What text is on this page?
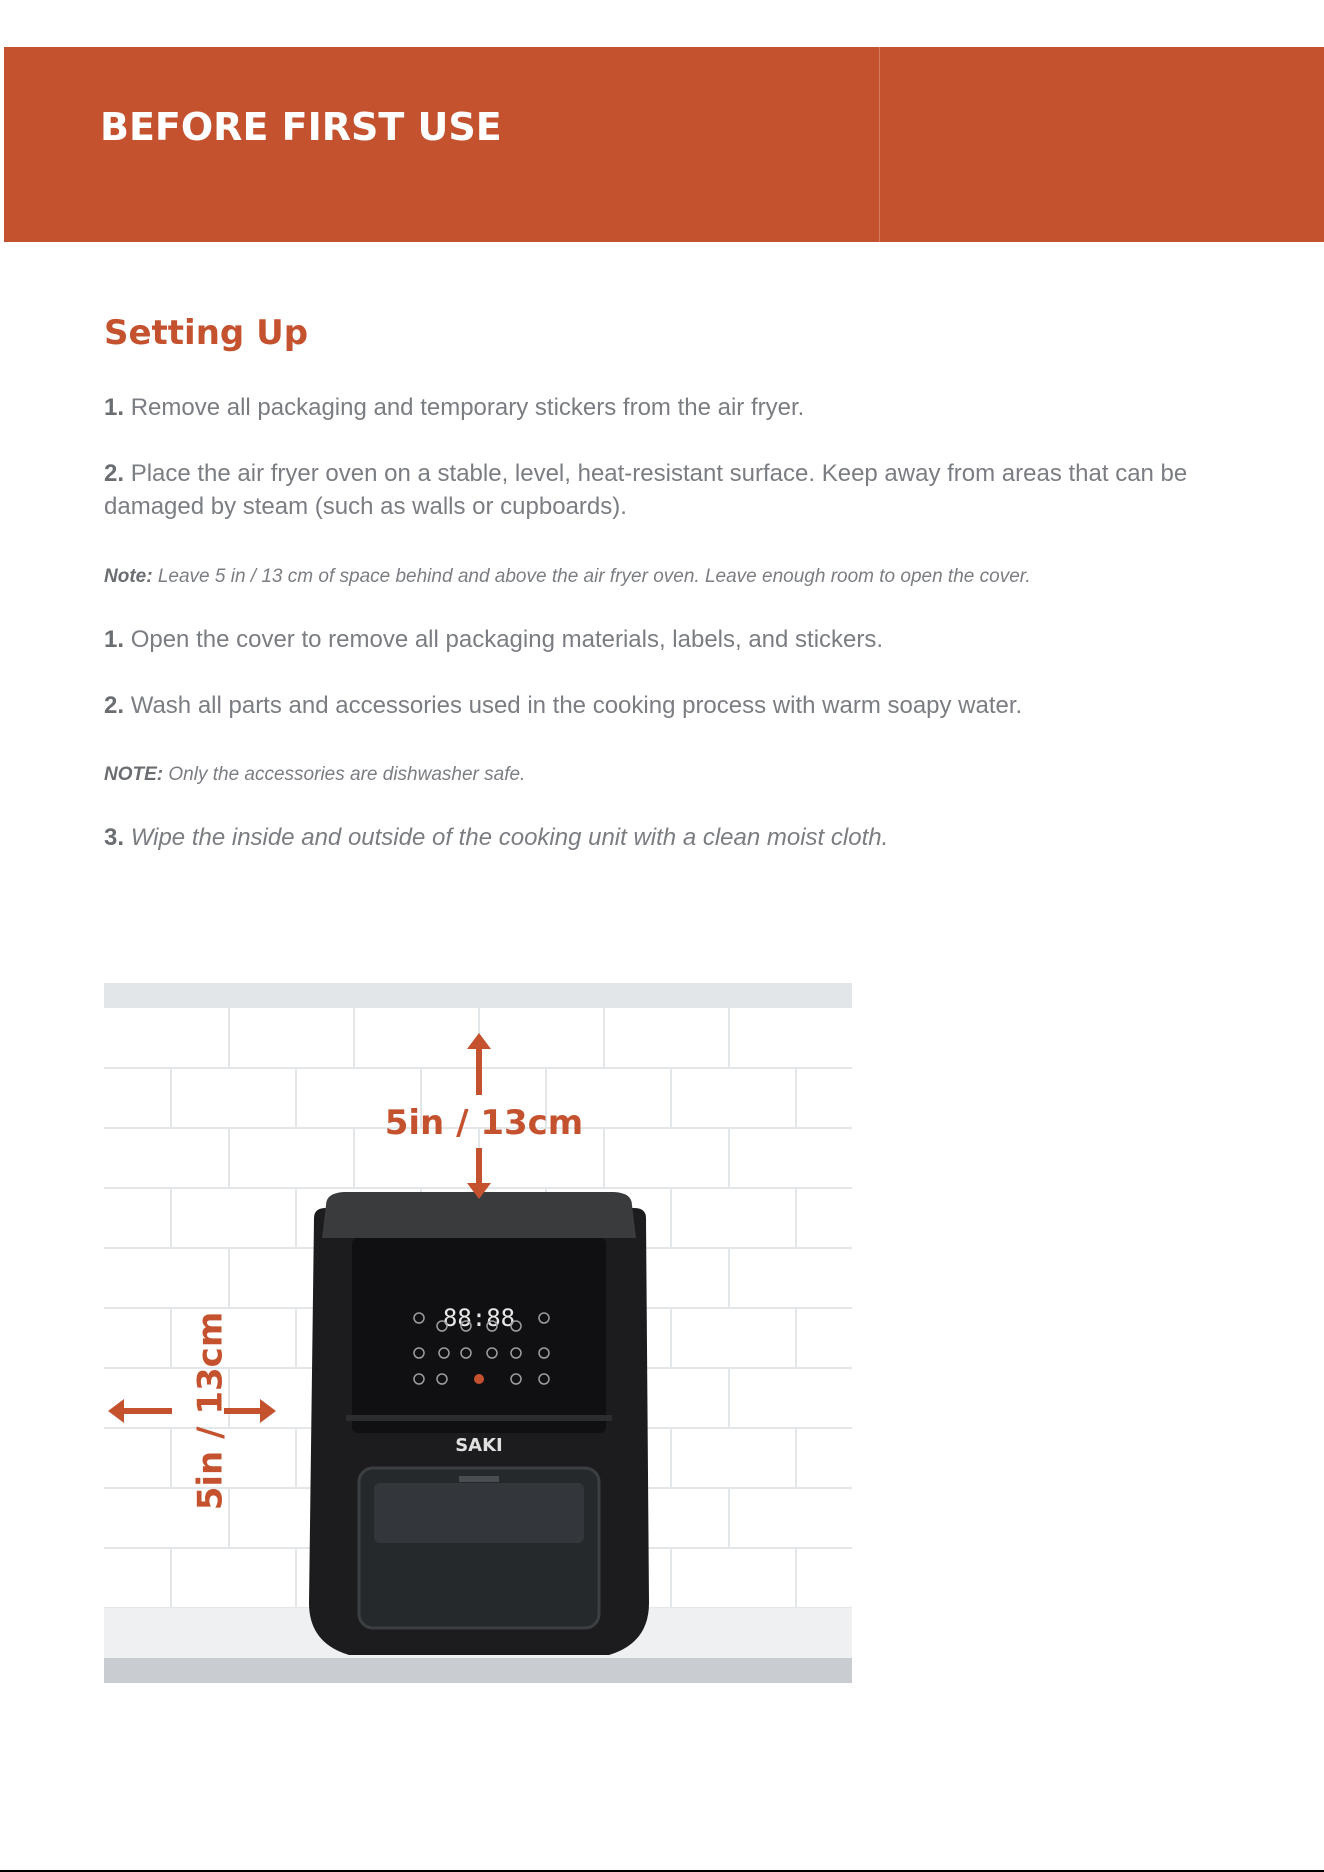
BEFORE FIRST USE
Setting Up

1. Remove all packaging and temporary stickers from the air fryer.

2. Place the air fryer oven on a stable, level, heat-resistant surface. Keep away from areas that can be damaged by steam (such as walls or cupboards).

Note: Leave 5 in / 13 cm of space behind and above the air fryer oven. Leave enough room to open the cover.

1. Open the cover to remove all packaging materials, labels, and stickers.

2. Wash all parts and accessories used in the cooking process with warm soapy water.

NOTE: Only the accessories are dishwasher safe.

3. Wipe the inside and outside of the cooking unit with a clean moist cloth.

88:88
SAKI
5in / 13cm
5in / 13cm
